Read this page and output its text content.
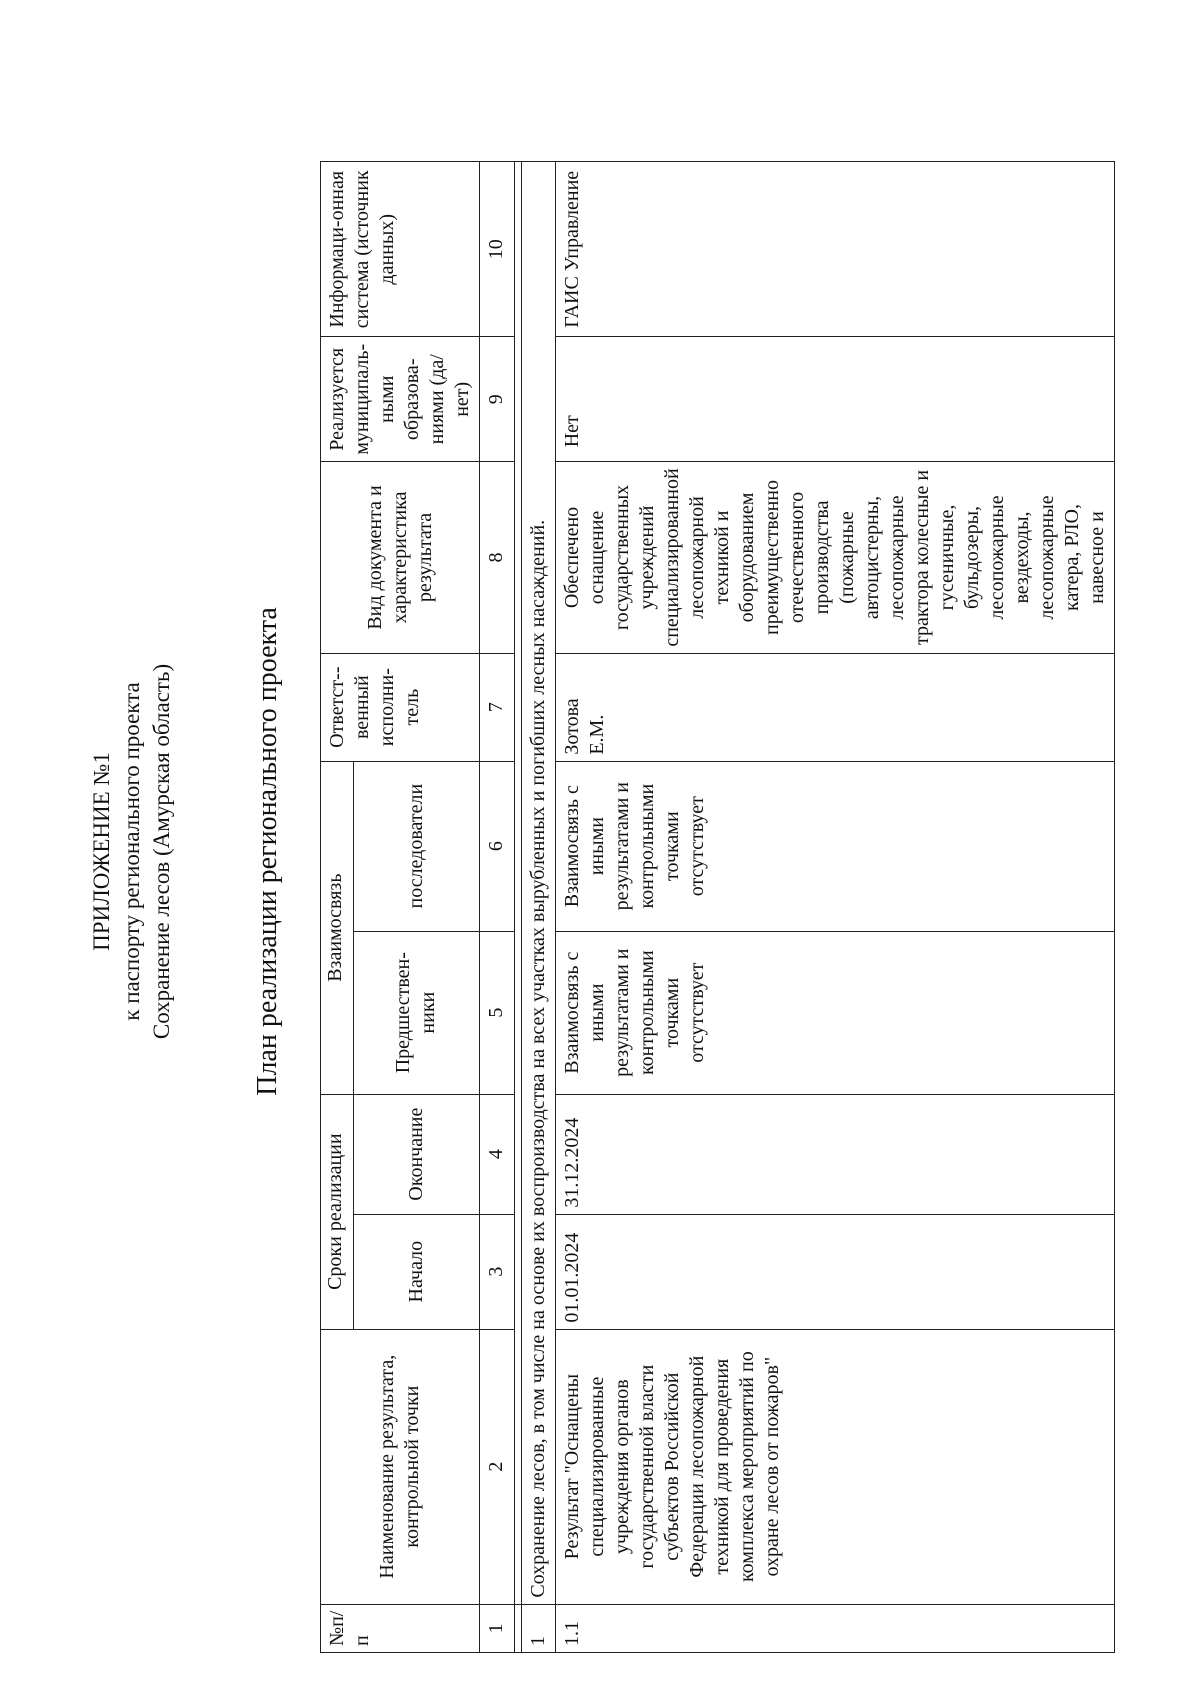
ПРИЛОЖЕНИЕ №1 к паспорту регионального проекта Сохранение лесов (Амурская область)	План реализации регионального проекта
№п/п	Наименование результата, контрольной точки	Сроки реализации		Взаимосвязь		Ответст--венный исполни-тель	Вид документа и характеристика результата	Реализуется муниципаль-ными образова-ниями (да/нет)	Информаци-онная система (источник данных)
		Начало	Окончание	Предшествен-ники	последователи				
1	2	3	4	5	6	7	8	9	10

1	Сохранение лесов, в том числе на основе их воспроизводства на всех участках вырубленных и погибших лесных насаждений.								
1.1	Результат "Оснащены специализированные учреждения органов государственной власти субъектов Российской Федерации лесопожарной техникой для проведения комплекса мероприятий по охране лесов от пожаров"	01.01.2024	31.12.2024	Взаимосвязь с иными результатами и контрольными точками отсутствует	Взаимосвязь с иными результатами и контрольными точками отсутствует	Зотова Е.М.	Обеспечено оснащение государственных учреждений специализированной лесопожарной техникой и оборудованием преимущественно отечественного производства (пожарные автоцистерны, лесопожарные трактора колесные и гусеничные, бульдозеры, лесопожарные вездеходы, лесопожарные катера, РЛО, навесное и	Нет	ГАИС Управление
